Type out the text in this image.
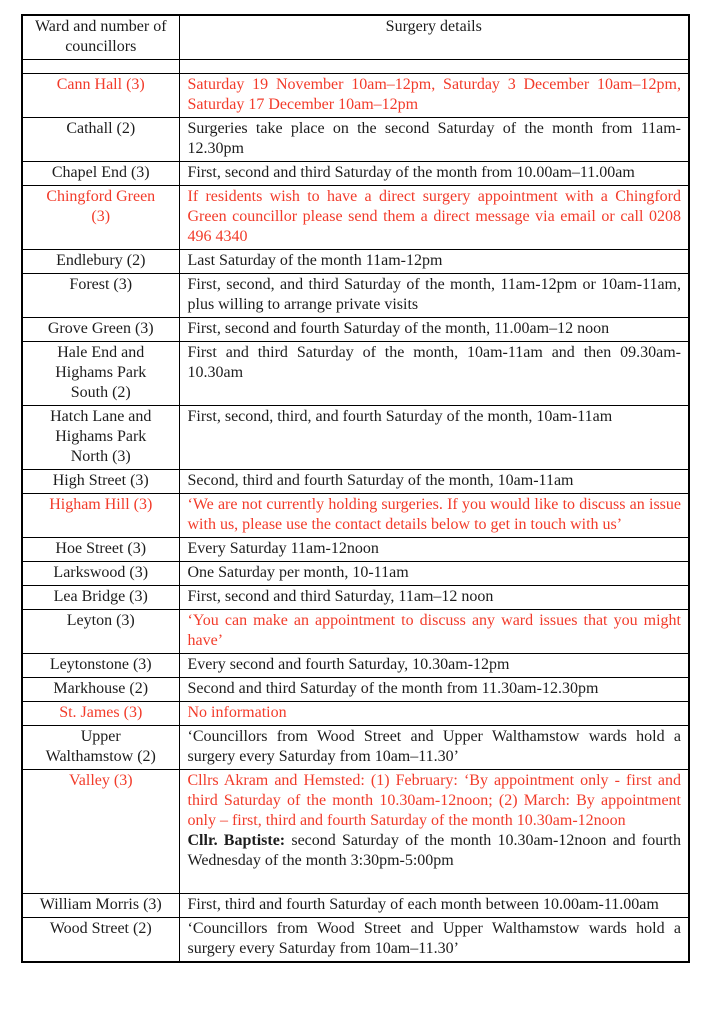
Ward and number of councillors	Surgery details

Cann Hall (3)	Saturday 19 November 10am–12pm, Saturday 3 December 10am–12pm, Saturday 17 December 10am–12pm

Cathall (2)	Surgeries take place on the second Saturday of the month from 11am-12.30pm

Chapel End (3)	First, second and third Saturday of the month from 10.00am–11.00am

Chingford Green (3)	If residents wish to have a direct surgery appointment with a Chingford Green councillor please send them a direct message via email or call 0208 496 4340

Endlebury (2)	Last Saturday of the month 11am-12pm

Forest (3)	First, second, and third Saturday of the month, 11am-12pm or 10am-11am, plus willing to arrange private visits

Grove Green (3)	First, second and fourth Saturday of the month, 11.00am–12 noon

Hale End and Highams Park South (2)	First and third Saturday of the month, 10am-11am and then 09.30am-10.30am

Hatch Lane and Highams Park North (3)	First, second, third, and fourth Saturday of the month, 10am-11am

High Street (3)	Second, third and fourth Saturday of the month, 10am-11am

Higham Hill (3)	‘We are not currently holding surgeries. If you would like to discuss an issue with us, please use the contact details below to get in touch with us’

Hoe Street (3)	Every Saturday 11am-12noon

Larkswood (3)	One Saturday per month, 10-11am

Lea Bridge (3)	First, second and third Saturday, 11am–12 noon

Leyton (3)	‘You can make an appointment to discuss any ward issues that you might have’

Leytonstone (3)	Every second and fourth Saturday, 10.30am-12pm

Markhouse (2)	Second and third Saturday of the month from 11.30am-12.30pm

St. James (3)	No information

Upper Walthamstow (2)	‘Councillors from Wood Street and Upper Walthamstow wards hold a surgery every Saturday from 10am–11.30’

Valley (3)	Cllrs Akram and Hemsted: (1) February: ‘By appointment only - first and third Saturday of the month 10.30am-12noon; (2) March: By appointment only – first, third and fourth Saturday of the month 10.30am-12noon

Cllr. Baptiste: second Saturday of the month 10.30am-12noon and fourth Wednesday of the month 3:30pm-5:00pm

William Morris (3)	First, third and fourth Saturday of each month between 10.00am-11.00am

Wood Street (2)	‘Councillors from Wood Street and Upper Walthamstow wards hold a surgery every Saturday from 10am–11.30’
